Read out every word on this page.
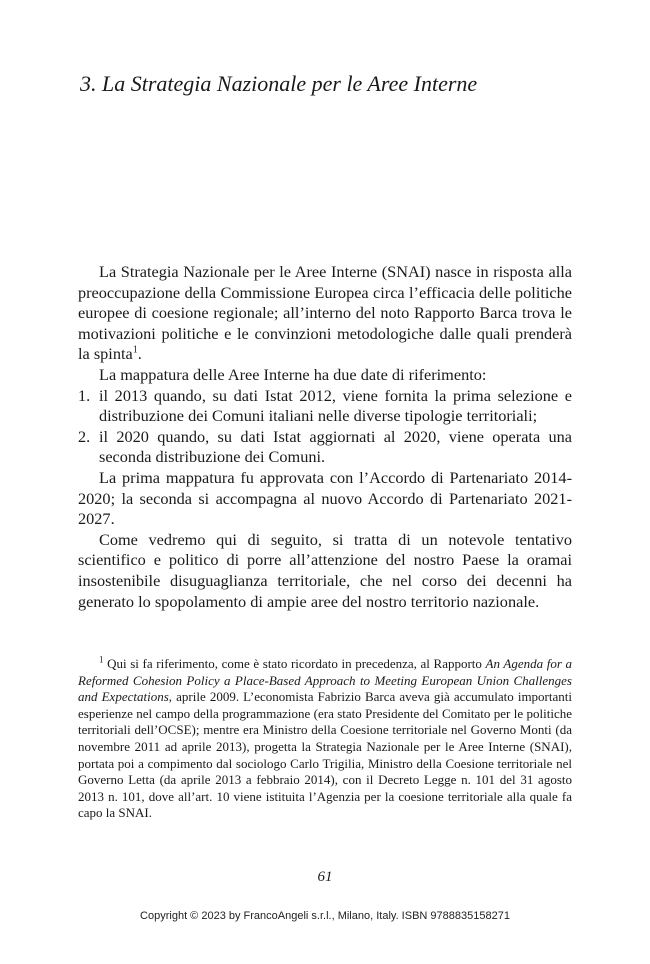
3. La Strategia Nazionale per le Aree Interne

La Strategia Nazionale per le Aree Interne (SNAI) nasce in risposta alla preoccupazione della Commissione Europea circa l’efficacia delle politiche europee di coesione regionale; all’interno del noto Rapporto Barca trova le motivazioni politiche e le convinzioni metodologiche dalle quali prenderà la spinta$^1$.

La mappatura delle Aree Interne ha due date di riferimento:

1. il 2013 quando, su dati Istat 2012, viene fornita la prima selezione e distribuzione dei Comuni italiani nelle diverse tipologie territoriali;
2. il 2020 quando, su dati Istat aggiornati al 2020, viene operata una seconda distribuzione dei Comuni.

La prima mappatura fu approvata con l’Accordo di Partenariato 2014-2020; la seconda si accompagna al nuovo Accordo di Partenariato 2021-2027.

Come vedremo qui di seguito, si tratta di un notevole tentativo scientifico e politico di porre all’attenzione del nostro Paese la oramai insostenibile disuguaglianza territoriale, che nel corso dei decenni ha generato lo spopolamento di ampie aree del nostro territorio nazionale.

$^1$ Qui si fa riferimento, come è stato ricordato in precedenza, al Rapporto An Agenda for a Reformed Cohesion Policy a Place-Based Approach to Meeting European Union Challenges and Expectations, aprile 2009. L’economista Fabrizio Barca aveva già accumulato importanti esperienze nel campo della programmazione (era stato Presidente del Comitato per le politiche territoriali dell’OCSE); mentre era Ministro della Coesione territoriale nel Governo Monti (da novembre 2011 ad aprile 2013), progetta la Strategia Nazionale per le Aree Interne (SNAI), portata poi a compimento dal sociologo Carlo Trigilia, Ministro della Coesione territoriale nel Governo Letta (da aprile 2013 a febbraio 2014), con il Decreto Legge n. 101 del 31 agosto 2013 n. 101, dove all’art. 10 viene istituita l’Agenzia per la coesione territoriale alla quale fa capo la SNAI.

61
Copyright © 2023 by FrancoAngeli s.r.l., Milano, Italy. ISBN 9788835158271
